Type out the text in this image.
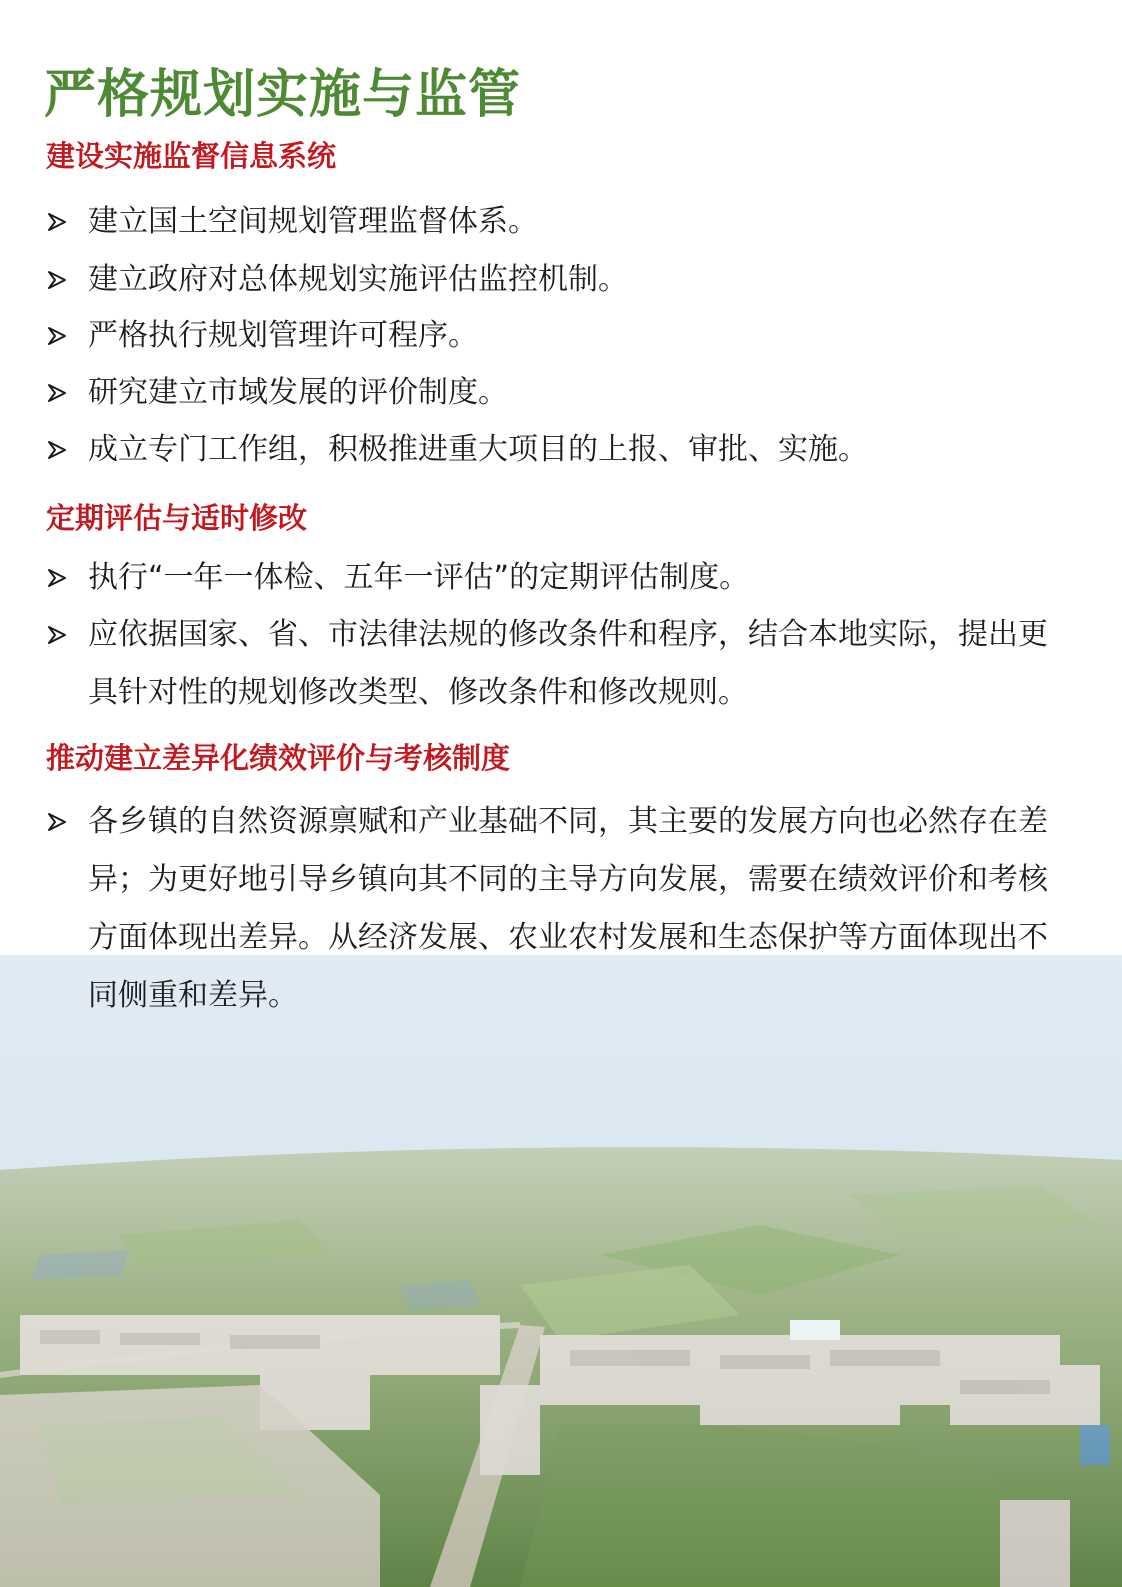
严格规划实施与监管
建设实施监督信息系统
建立国土空间规划管理监督体系。
建立政府对总体规划实施评估监控机制。
严格执行规划管理许可程序。
研究建立市域发展的评价制度。
成立专门工作组，积极推进重大项目的上报、审批、实施。
定期评估与适时修改
执行“一年一体检、五年一评估”的定期评估制度。
应依据国家、省、市法律法规的修改条件和程序，结合本地实际，提出更具针对性的规划修改类型、修改条件和修改规则。
推动建立差异化绩效评价与考核制度
各乡镇的自然资源禀赋和产业基础不同，其主要的发展方向也必然存在差异；为更好地引导乡镇向其不同的主导方向发展，需要在绩效评价和考核方面体现出差异。从经济发展、农业农村发展和生态保护等方面体现出不同侧重和差异。
